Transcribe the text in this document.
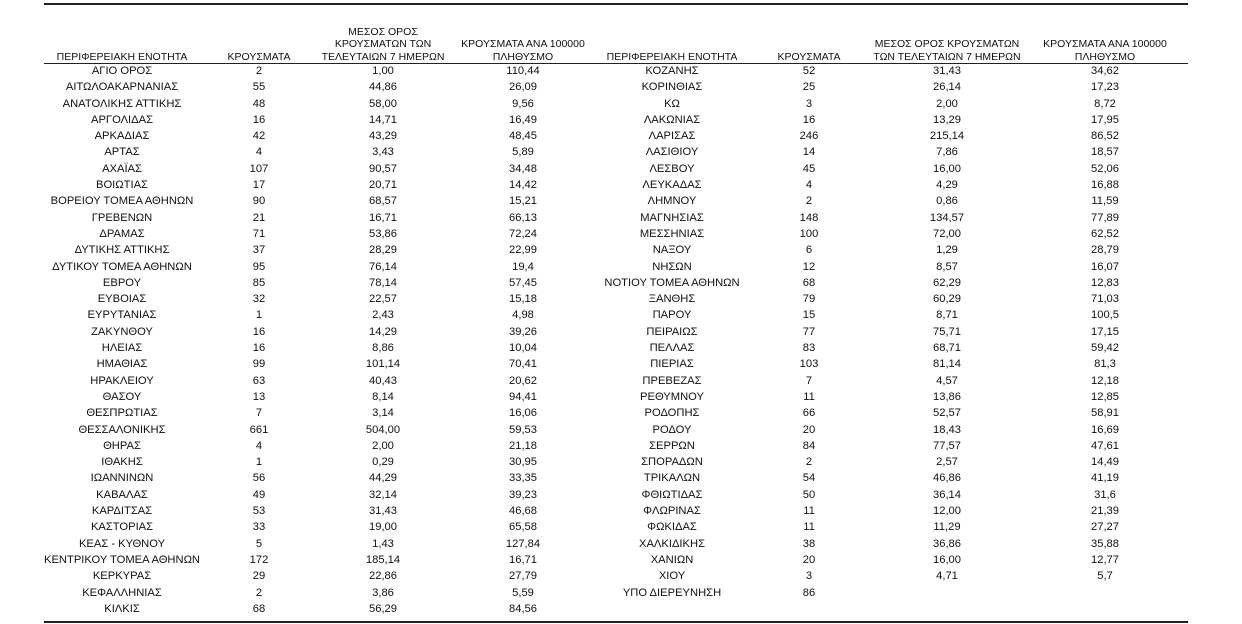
ΠΕΡΙΦΕΡΕΙΑΚΗ ΕΝΟΤΗΤΑ	ΚΡΟΥΣΜΑΤΑ	ΜΕΣΟΣ ΟΡΟΣ ΚΡΟΥΣΜΑΤΩΝ ΤΩΝ ΤΕΛΕΥΤΑΙΩΝ 7 ΗΜΕΡΩΝ	ΚΡΟΥΣΜΑΤΑ ΑΝΑ 100000 ΠΛΗΘΥΣΜΟ	ΠΕΡΙΦΕΡΕΙΑΚΗ ΕΝΟΤΗΤΑ	ΚΡΟΥΣΜΑΤΑ	ΜΕΣΟΣ ΟΡΟΣ ΚΡΟΥΣΜΑΤΩΝ ΤΩΝ ΤΕΛΕΥΤΑΙΩΝ 7 ΗΜΕΡΩΝ	ΚΡΟΥΣΜΑΤΑ ΑΝΑ 100000 ΠΛΗΘΥΣΜΟ
ΑΓΙΟ ΟΡΟΣ	2	1,00	110,44	ΚΟΖΑΝΗΣ	52	31,43	34,62
ΑΙΤΩΛΟΑΚΑΡΝΑΝΙΑΣ	55	44,86	26,09	ΚΟΡΙΝΘΙΑΣ	25	26,14	17,23
ΑΝΑΤΟΛΙΚΗΣ ΑΤΤΙΚΗΣ	48	58,00	9,56	ΚΩ	3	2,00	8,72
ΑΡΓΟΛΙΔΑΣ	16	14,71	16,49	ΛΑΚΩΝΙΑΣ	16	13,29	17,95
ΑΡΚΑΔΙΑΣ	42	43,29	48,45	ΛΑΡΙΣΑΣ	246	215,14	86,52
ΑΡΤΑΣ	4	3,43	5,89	ΛΑΣΙΘΙΟΥ	14	7,86	18,57
ΑΧΑΪΑΣ	107	90,57	34,48	ΛΕΣΒΟΥ	45	16,00	52,06
ΒΟΙΩΤΙΑΣ	17	20,71	14,42	ΛΕΥΚΑΔΑΣ	4	4,29	16,88
ΒΟΡΕΙΟΥ ΤΟΜΕΑ ΑΘΗΝΩΝ	90	68,57	15,21	ΛΗΜΝΟΥ	2	0,86	11,59
ΓΡΕΒΕΝΩΝ	21	16,71	66,13	ΜΑΓΝΗΣΙΑΣ	148	134,57	77,89
ΔΡΑΜΑΣ	71	53,86	72,24	ΜΕΣΣΗΝΙΑΣ	100	72,00	62,52
ΔΥΤΙΚΗΣ ΑΤΤΙΚΗΣ	37	28,29	22,99	ΝΑΞΟΥ	6	1,29	28,79
ΔΥΤΙΚΟΥ ΤΟΜΕΑ ΑΘΗΝΩΝ	95	76,14	19,4	ΝΗΣΩΝ	12	8,57	16,07
ΕΒΡΟΥ	85	78,14	57,45	ΝΟΤΙΟΥ ΤΟΜΕΑ ΑΘΗΝΩΝ	68	62,29	12,83
ΕΥΒΟΙΑΣ	32	22,57	15,18	ΞΑΝΘΗΣ	79	60,29	71,03
ΕΥΡΥΤΑΝΙΑΣ	1	2,43	4,98	ΠΑΡΟΥ	15	8,71	100,5
ΖΑΚΥΝΘΟΥ	16	14,29	39,26	ΠΕΙΡΑΙΩΣ	77	75,71	17,15
ΗΛΕΙΑΣ	16	8,86	10,04	ΠΕΛΛΑΣ	83	68,71	59,42
ΗΜΑΘΙΑΣ	99	101,14	70,41	ΠΙΕΡΙΑΣ	103	81,14	81,3
ΗΡΑΚΛΕΙΟΥ	63	40,43	20,62	ΠΡΕΒΕΖΑΣ	7	4,57	12,18
ΘΑΣΟΥ	13	8,14	94,41	ΡΕΘΥΜΝΟΥ	11	13,86	12,85
ΘΕΣΠΡΩΤΙΑΣ	7	3,14	16,06	ΡΟΔΟΠΗΣ	66	52,57	58,91
ΘΕΣΣΑΛΟΝΙΚΗΣ	661	504,00	59,53	ΡΟΔΟΥ	20	18,43	16,69
ΘΗΡΑΣ	4	2,00	21,18	ΣΕΡΡΩΝ	84	77,57	47,61
ΙΘΑΚΗΣ	1	0,29	30,95	ΣΠΟΡΑΔΩΝ	2	2,57	14,49
ΙΩΑΝΝΙΝΩΝ	56	44,29	33,35	ΤΡΙΚΑΛΩΝ	54	46,86	41,19
ΚΑΒΑΛΑΣ	49	32,14	39,23	ΦΘΙΩΤΙΔΑΣ	50	36,14	31,6
ΚΑΡΔΙΤΣΑΣ	53	31,43	46,68	ΦΛΩΡΙΝΑΣ	11	12,00	21,39
ΚΑΣΤΟΡΙΑΣ	33	19,00	65,58	ΦΩΚΙΔΑΣ	11	11,29	27,27
ΚΕΑΣ - ΚΥΘΝΟΥ	5	1,43	127,84	ΧΑΛΚΙΔΙΚΗΣ	38	36,86	35,88
ΚΕΝΤΡΙΚΟΥ ΤΟΜΕΑ ΑΘΗΝΩΝ	172	185,14	16,71	ΧΑΝΙΩΝ	20	16,00	12,77
ΚΕΡΚΥΡΑΣ	29	22,86	27,79	ΧΙΟΥ	3	4,71	5,7
ΚΕΦΑΛΛΗΝΙΑΣ	2	3,86	5,59	ΥΠΟ ΔΙΕΡΕΥΝΗΣΗ	86		
ΚΙΛΚΙΣ	68	56,29	84,56				
